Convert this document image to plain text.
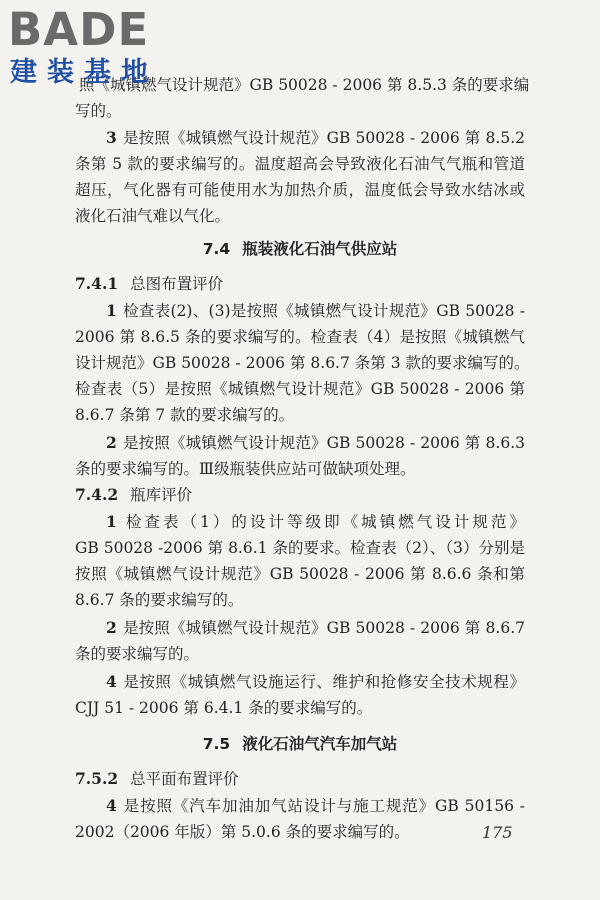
BADE
建装基地
照《城镇燃气设计规范》GB 50028 - 2006 第 8.5.3 条的要求编
写的。
3 是按照《城镇燃气设计规范》GB 50028 - 2006 第 8.5.2
条第 5 款的要求编写的。温度超高会导致液化石油气气瓶和管道
超压，气化器有可能使用水为加热介质，温度低会导致水结冰或
液化石油气难以气化。
7.4 瓶装液化石油气供应站
7.4.1 总图布置评价
1 检查表(2)、(3)是按照《城镇燃气设计规范》GB 50028 -
2006 第 8.6.5 条的要求编写的。检查表（4）是按照《城镇燃气
设计规范》GB 50028 - 2006 第 8.6.7 条第 3 款的要求编写的。
检查表（5）是按照《城镇燃气设计规范》GB 50028 - 2006 第
8.6.7 条第 7 款的要求编写的。
2 是按照《城镇燃气设计规范》GB 50028 - 2006 第 8.6.3
条的要求编写的。Ⅲ级瓶装供应站可做缺项处理。
7.4.2 瓶库评价
1 检查表（1）的设计等级即《城镇燃气设计规范》
GB 50028 -2006 第 8.6.1 条的要求。检查表（2）、（3）分别是
按照《城镇燃气设计规范》GB 50028 - 2006 第 8.6.6 条和第
8.6.7 条的要求编写的。
2 是按照《城镇燃气设计规范》GB 50028 - 2006 第 8.6.7
条的要求编写的。
4 是按照《城镇燃气设施运行、维护和抢修安全技术规程》
CJJ 51 - 2006 第 6.4.1 条的要求编写的。
7.5 液化石油气汽车加气站
7.5.2 总平面布置评价
4 是按照《汽车加油加气站设计与施工规范》GB 50156 -
2002（2006 年版）第 5.0.6 条的要求编写的。	175
